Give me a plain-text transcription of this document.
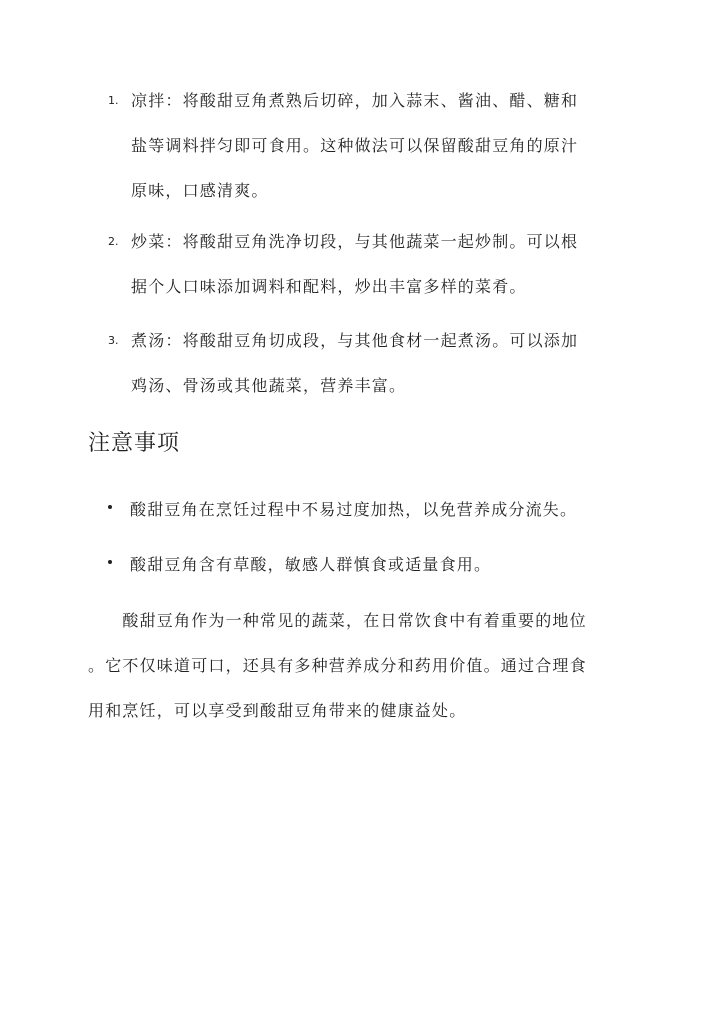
1. 凉拌：将酸甜豆角煮熟后切碎，加入蒜末、酱油、醋、糖和
盐等调料拌匀即可食用。这种做法可以保留酸甜豆角的原汁
原味，口感清爽。
2. 炒菜：将酸甜豆角洗净切段，与其他蔬菜一起炒制。可以根
据个人口味添加调料和配料，炒出丰富多样的菜肴。
3. 煮汤：将酸甜豆角切成段，与其他食材一起煮汤。可以添加
鸡汤、骨汤或其他蔬菜，营养丰富。
注意事项
酸甜豆角在烹饪过程中不易过度加热，以免营养成分流失。
酸甜豆角含有草酸，敏感人群慎食或适量食用。
　　酸甜豆角作为一种常见的蔬菜，在日常饮食中有着重要的地位
。它不仅味道可口，还具有多种营养成分和药用价值。通过合理食
用和烹饪，可以享受到酸甜豆角带来的健康益处。
